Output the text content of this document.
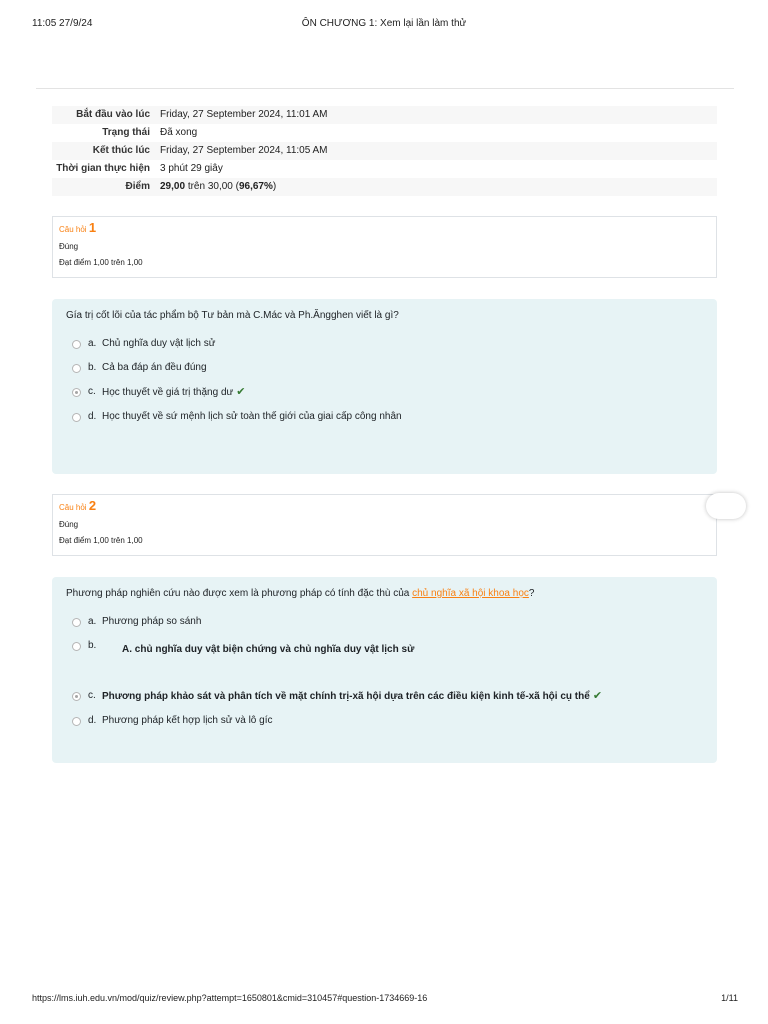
11:05 27/9/24	ÔN CHƯƠNG 1: Xem lại lần làm thử
Bắt đầu vào lúc	Friday, 27 September 2024, 11:01 AM
Trạng thái	Đã xong
Kết thúc lúc	Friday, 27 September 2024, 11:05 AM
Thời gian thực hiện	3 phút 29 giây
Điểm	29,00 trên 30,00 (96,67%)
Câu hỏi 1
Đúng
Đạt điểm 1,00 trên 1,00
Gía trị cốt lõi của tác phẩm bộ Tư bản mà C.Mác và Ph.Ăngghen viết là gì?
a. Chủ nghĩa duy vật lịch sử
b. Cả ba đáp án đều đúng
c. Học thuyết về giá trị thặng dư ✔
d. Học thuyết về sứ mệnh lịch sử toàn thế giới của giai cấp công nhân
Câu hỏi 2
Đúng
Đạt điểm 1,00 trên 1,00
Phương pháp nghiên cứu nào được xem là phương pháp có tính đặc thù của chủ nghĩa xã hội khoa học?
a. Phương pháp so sánh
b.	A. chủ nghĩa duy vật biện chứng và chủ nghĩa duy vật lịch sử
c. Phương pháp khảo sát và phân tích về mặt chính trị-xã hội dựa trên các điều kiện kinh tế-xã hội cụ thể ✔
d. Phương pháp kết hợp lịch sử và lô gíc
https://lms.iuh.edu.vn/mod/quiz/review.php?attempt=1650801&cmid=310457#question-1734669-16	1/11
